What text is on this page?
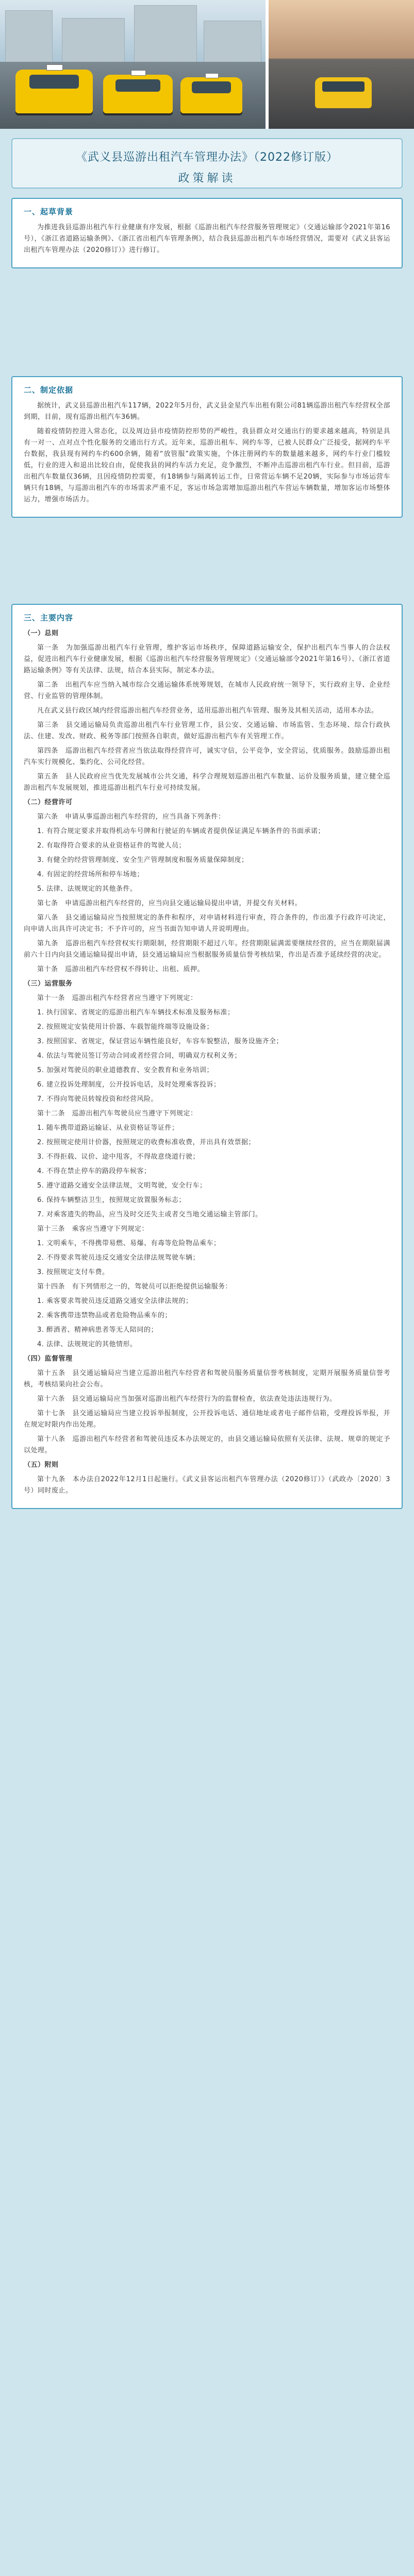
《武义县巡游出租汽车管理办法》（2022修订版）
政策解读
一、起草背景

为推进我县巡游出租汽车行业健康有序发展，根据《巡游出租汽车经营服务管理规定》（交通运输部令2021年第16号），《浙江省道路运输条例》、《浙江省出租汽车管理条例》，结合我县巡游出租汽车市场经营情况，需要对《武义县客运出租汽车管理办法（2020修订）》进行修订。

二、制定依据

据统计，武义县巡游出租汽车117辆，2022年5月份，武义县金星汽车出租有限公司81辆巡游出租汽车经营权全部到期，目前，现有巡游出租汽车36辆。

随着疫情防控进入常态化，以及周边县市疫情防控形势的严峻性，我县群众对交通出行的要求越来越高，特别是具有一对一、点对点个性化服务的交通出行方式。近年来，巡游出租车、网约车等，已被人民群众广泛接受，据网约车平台数据，我县现有网约车约600余辆，随着“放管服”政策实施，个体注册网约车的数量越来越多，网约车行业门槛较低，行业的进入和退出比较自由，促使我县的网约车活力充足，竞争激烈，不断冲击巡游出租汽车行业。但目前，巡游出租汽车数量仅36辆，且因疫情防控需要，有18辆参与隔离转运工作，日常营运车辆不足20辆，实际参与市场运营车辆只有18辆，与巡游出租汽车的市场需求严重不足，客运市场急需增加巡游出租汽车营运车辆数量，增加客运市场整体运力，增强市场活力。

三、主要内容

（一）总则

第一条　为加强巡游出租汽车行业管理，维护客运市场秩序，保障道路运输安全，保护出租汽车当事人的合法权益，促进出租汽车行业健康发展，根据《巡游出租汽车经营服务管理规定》（交通运输部令2021年第16号）、《浙江省道路运输条例》等有关法律、法规，结合本县实际，制定本办法。

第二条　出租汽车应当纳入城市综合交通运输体系统筹规划，在城市人民政府统一领导下，实行政府主导、企业经营、行业监管的管理体制。

凡在武义县行政区域内经营巡游出租汽车经营业务，适用巡游出租汽车管理、服务及其相关活动，适用本办法。

第三条　县交通运输局负责巡游出租汽车行业管理工作，县公安、交通运输、市场监管、生态环境、综合行政执法、住建、发改、财政、税务等部门按照各自职责，做好巡游出租汽车有关管理工作。

第四条　巡游出租汽车经营者应当依法取得经营许可，诚实守信，公平竞争，安全营运，优质服务。鼓励巡游出租汽车实行规模化、集约化、公司化经营。

第五条　县人民政府应当优先发展城市公共交通，科学合理规划巡游出租汽车数量、运价及服务质量，建立健全巡游出租汽车发展规划，推进巡游出租汽车行业可持续发展。

（二）经营许可

第六条　申请从事巡游出租汽车经营的，应当具备下列条件：

1. 有符合规定要求并取得机动车号牌和行驶证的车辆或者提供保证满足车辆条件的书面承诺；

2. 有取得符合要求的从业资格证件的驾驶人员；

3. 有健全的经营管理制度、安全生产管理制度和服务质量保障制度；

4. 有固定的经营场所和停车场地；

5. 法律、法规规定的其他条件。

第七条　申请巡游出租汽车经营的，应当向县交通运输局提出申请，并提交有关材料。

第八条　县交通运输局应当按照规定的条件和程序，对申请材料进行审查，符合条件的，作出准予行政许可决定，向申请人出具许可决定书；不予许可的，应当书面告知申请人并说明理由。

第九条　巡游出租汽车经营权实行期限制，经营期限不超过八年。经营期限届满需要继续经营的，应当在期限届满前六十日内向县交通运输局提出申请，县交通运输局应当根据服务质量信誉考核结果，作出是否准予延续经营的决定。

第十条　巡游出租汽车经营权不得转让、出租、质押。

（三）运营服务

第十一条　巡游出租汽车经营者应当遵守下列规定：

1. 执行国家、省规定的巡游出租汽车车辆技术标准及服务标准；

2. 按照规定安装使用计价器、车载智能终端等设施设备；

3. 按照国家、省规定，保证营运车辆性能良好，车容车貌整洁，服务设施齐全；

4. 依法与驾驶员签订劳动合同或者经营合同，明确双方权利义务；

5. 加强对驾驶员的职业道德教育、安全教育和业务培训；

6. 建立投诉处理制度，公开投诉电话，及时处理乘客投诉；

7. 不得向驾驶员转嫁投资和经营风险。

第十二条　巡游出租汽车驾驶员应当遵守下列规定：

1. 随车携带道路运输证、从业资格证等证件；

2. 按照规定使用计价器，按照规定的收费标准收费，并出具有效票据；

3. 不得拒载、议价、途中甩客，不得故意绕道行驶；

4. 不得在禁止停车的路段停车候客；

5. 遵守道路交通安全法律法规，文明驾驶，安全行车；

6. 保持车辆整洁卫生，按照规定放置服务标志；

7. 对乘客遗失的物品，应当及时交还失主或者交当地交通运输主管部门。

第十三条　乘客应当遵守下列规定：

1. 文明乘车，不得携带易燃、易爆、有毒等危险物品乘车；

2. 不得要求驾驶员违反交通安全法律法规驾驶车辆；

3. 按照规定支付车费。

第十四条　有下列情形之一的，驾驶员可以拒绝提供运输服务：

1. 乘客要求驾驶员违反道路交通安全法律法规的；

2. 乘客携带违禁物品或者危险物品乘车的；

3. 醉酒者、精神病患者等无人陪同的；

4. 法律、法规规定的其他情形。

（四）监督管理

第十五条　县交通运输局应当建立巡游出租汽车经营者和驾驶员服务质量信誉考核制度，定期开展服务质量信誉考核，考核结果向社会公布。

第十六条　县交通运输局应当加强对巡游出租汽车经营行为的监督检查，依法查处违法违规行为。

第十七条　县交通运输局应当建立投诉举报制度，公开投诉电话、通信地址或者电子邮件信箱，受理投诉举报，并在规定时限内作出处理。

第十八条　巡游出租汽车经营者和驾驶员违反本办法规定的，由县交通运输局依照有关法律、法规、规章的规定予以处理。

（五）附则

第十九条　本办法自2022年12月1日起施行。《武义县客运出租汽车管理办法（2020修订）》（武政办〔2020〕3号）同时废止。
